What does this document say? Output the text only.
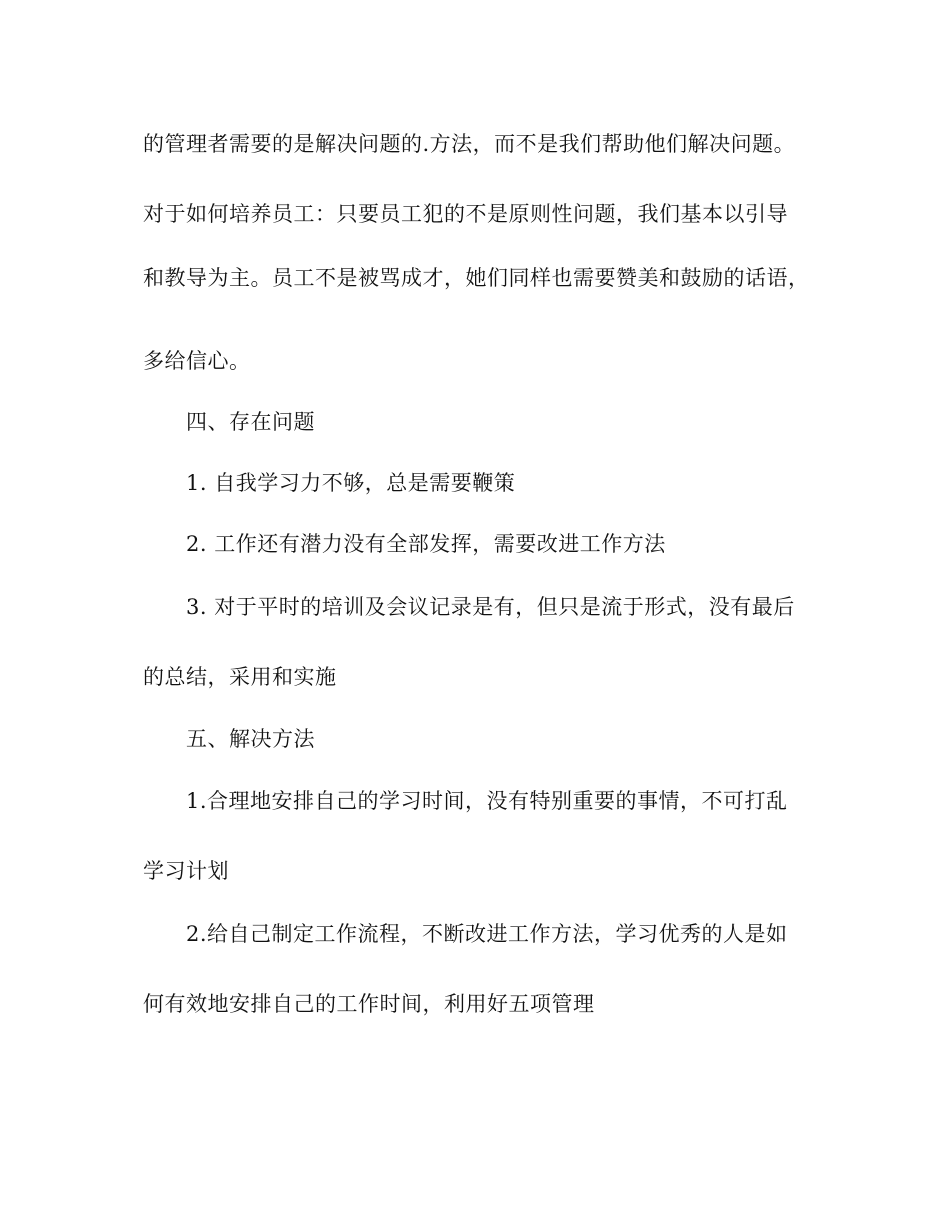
的管理者需要的是解决问题的.方法，而不是我们帮助他们解决问题。
对于如何培养员工：只要员工犯的不是原则性问题，我们基本以引导
和教导为主。员工不是被骂成才，她们同样也需要赞美和鼓励的话语，
多给信心。
四、存在问题
1. 自我学习力不够，总是需要鞭策
2. 工作还有潜力没有全部发挥，需要改进工作方法
3. 对于平时的培训及会议记录是有，但只是流于形式，没有最后
的总结，采用和实施
五、解决方法
1.合理地安排自己的学习时间，没有特别重要的事情，不可打乱
学习计划
2.给自己制定工作流程，不断改进工作方法，学习优秀的人是如
何有效地安排自己的工作时间，利用好五项管理
